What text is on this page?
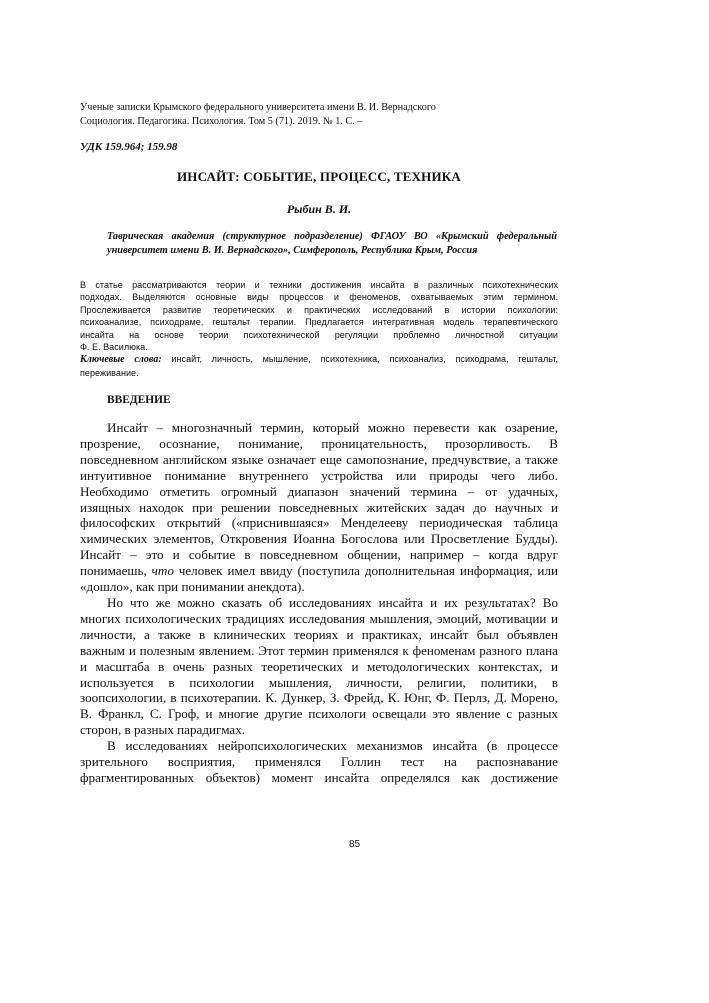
Ученые записки Крымского федерального университета имени В. И. Вернадского
Социология. Педагогика. Психология. Том 5 (71). 2019. № 1. С. –
УДК 159.964; 159.98
ИНСАЙТ: СОБЫТИЕ, ПРОЦЕСС, ТЕХНИКА
Рыбин В. И.
Таврическая академия (структурное подразделение) ФГАОУ ВО «Крымский федеральный
университет имени В. И. Вернадского», Симферополь, Республика Крым, Россия
В статье рассматриваются теории и техники достижения инсайта в различных психотехнических
подходах. Выделяются основные виды процессов и феноменов, охватываемых этим термином.
Прослеживается развитие теоретических и практических исследований в истории психологии:
психоанализе, психодраме, гештальт терапии. Предлагается интегративная модель терапевтического
инсайта на основе теории психотехнической регуляции проблемно личностной ситуации
Ф. Е. Василюка.
Ключевые слова: инсайт, личность, мышление, психотехника, психоанализ, психодрама, гештальт,
переживание.
ВВЕДЕНИЕ
Инсайт – многозначный термин, который можно перевести как озарение,
прозрение, осознание, понимание, проницательность, прозорливость. В
повседневном английском языке означает еще самопознание, предчувствие, а также
интуитивное понимание внутреннего устройства или природы чего либо.
Необходимо отметить огромный диапазон значений термина – от удачных,
изящных находок при решении повседневных житейских задач до научных и
философских открытий («приснившаяся» Менделееву периодическая таблица
химических элементов, Откровения Иоанна Богослова или Просветление Будды).
Инсайт – это и событие в повседневном общении, например – когда вдруг
понимаешь, что человек имел ввиду (поступила дополнительная информация, или
«дошло», как при понимании анекдота).
Но что же можно сказать об исследованиях инсайта и их результатах? Во
многих психологических традициях исследования мышления, эмоций, мотивации и
личности, а также в клинических теориях и практиках, инсайт был объявлен
важным и полезным явлением. Этот термин применялся к феноменам разного плана
и масштаба в очень разных теоретических и методологических контекстах, и
используется в психологии мышления, личности, религии, политики, в
зоопсихологии, в психотерапии. К. Дункер, З. Фрейд, К. Юнг, Ф. Перлз, Д. Морено,
В. Франкл, С. Гроф, и многие другие психологи освещали это явление с разных
сторон, в разных парадигмах.
В исследованиях нейропсихологических механизмов инсайта (в процессе
зрительного восприятия, применялся Голлин тест на распознавание
фрагментированных объектов) момент инсайта определялся как достижение
85
